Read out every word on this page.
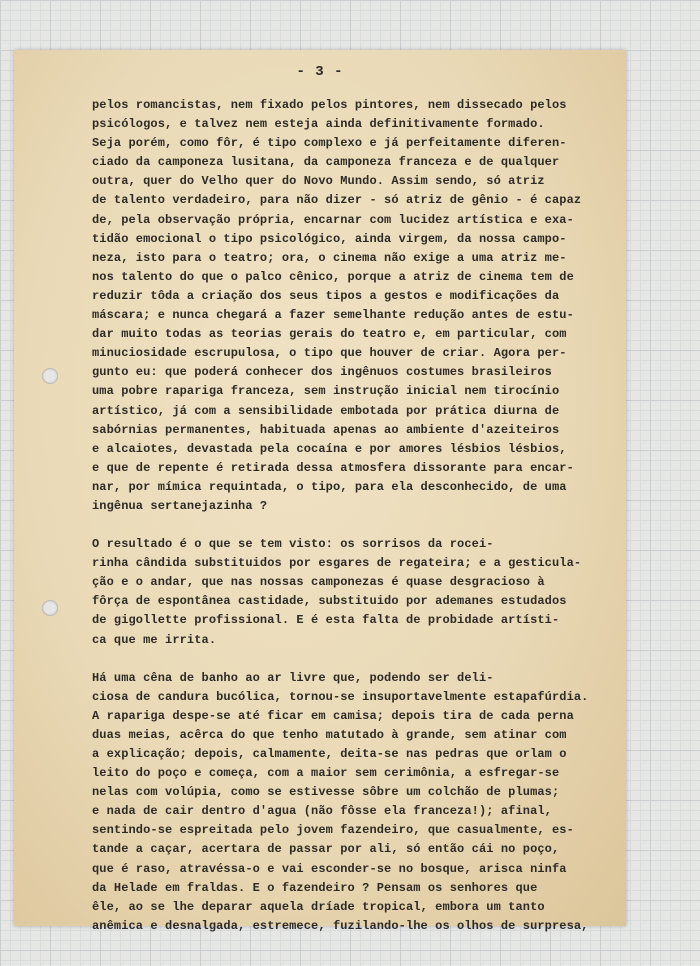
- 3 -
pelos romancistas, nem fixado pelos pintores, nem dissecado pelos
psicólogos, e talvez nem esteja ainda definitivamente formado.
Seja porém, como fôr, é tipo complexo e já perfeitamente diferen-
ciado da camponeza lusitana, da camponeza franceza e de qualquer
outra, quer do Velho quer do Novo Mundo. Assim sendo, só atriz
de talento verdadeiro, para não dizer - só atriz de gênio - é capaz
de, pela observação própria, encarnar com lucidez artística e exa-
tidão emocional o tipo psicológico, ainda virgem, da nossa campo-
neza, isto para o teatro; ora, o cinema não exige a uma atriz me-
nos talento do que o palco cênico, porque a atriz de cinema tem de
reduzir tôda a criação dos seus tipos a gestos e modificações da
máscara; e nunca chegará a fazer semelhante redução antes de estu-
dar muito todas as teorias gerais do teatro e, em particular, com
minuciosidade escrupulosa, o tipo que houver de criar. Agora per-
gunto eu: que poderá conhecer dos ingênuos costumes brasileiros
uma pobre rapariga franceza, sem instrução inicial nem tirocínio
artístico, já com a sensibilidade embotada por prática diurna de
sabórnias permanentes, habituada apenas ao ambiente d'azeiteiros
e alcaiotes, devastada pela cocaína e por amores lésbios lésbios,
e que de repente é retirada dessa atmosfera dissorante para encar-
nar, por mímica requintada, o tipo, para ela desconhecido, de uma
ingênua sertanejazinha ?
O resultado é o que se tem visto: os sorrisos da rocei-
rinha cândida substituidos por esgares de regateira; e a gesticula-
ção e o andar, que nas nossas camponezas é quase desgracioso à
fôrça de espontânea castidade, substituido por ademanes estudados
de gigollette profissional. E é esta falta de probidade artísti-
ca que me irrita.
Há uma cêna de banho ao ar livre que, podendo ser deli-
ciosa de candura bucólica, tornou-se insuportavelmente estapafúrdia.
A rapariga despe-se até ficar em camisa; depois tira de cada perna
duas meias, acêrca do que tenho matutado à grande, sem atinar com
a explicação; depois, calmamente, deita-se nas pedras que orlam o
leito do poço e começa, com a maior sem cerimônia, a esfregar-se
nelas com volúpia, como se estivesse sôbre um colchão de plumas;
e nada de cair dentro d'agua (não fôsse ela franceza!); afinal,
sentindo-se espreitada pelo jovem fazendeiro, que casualmente, es-
tande a caçar, acertara de passar por ali, só então cái no poço,
que é raso, atravéssa-o e vai esconder-se no bosque, arisca ninfa
da Helade em fraldas. E o fazendeiro ? Pensam os senhores que
êle, ao se lhe deparar aquela dríade tropical, embora um tanto
anêmica e desnalgada, estremece, fuzilando-lhe os olhos de surpresa,
